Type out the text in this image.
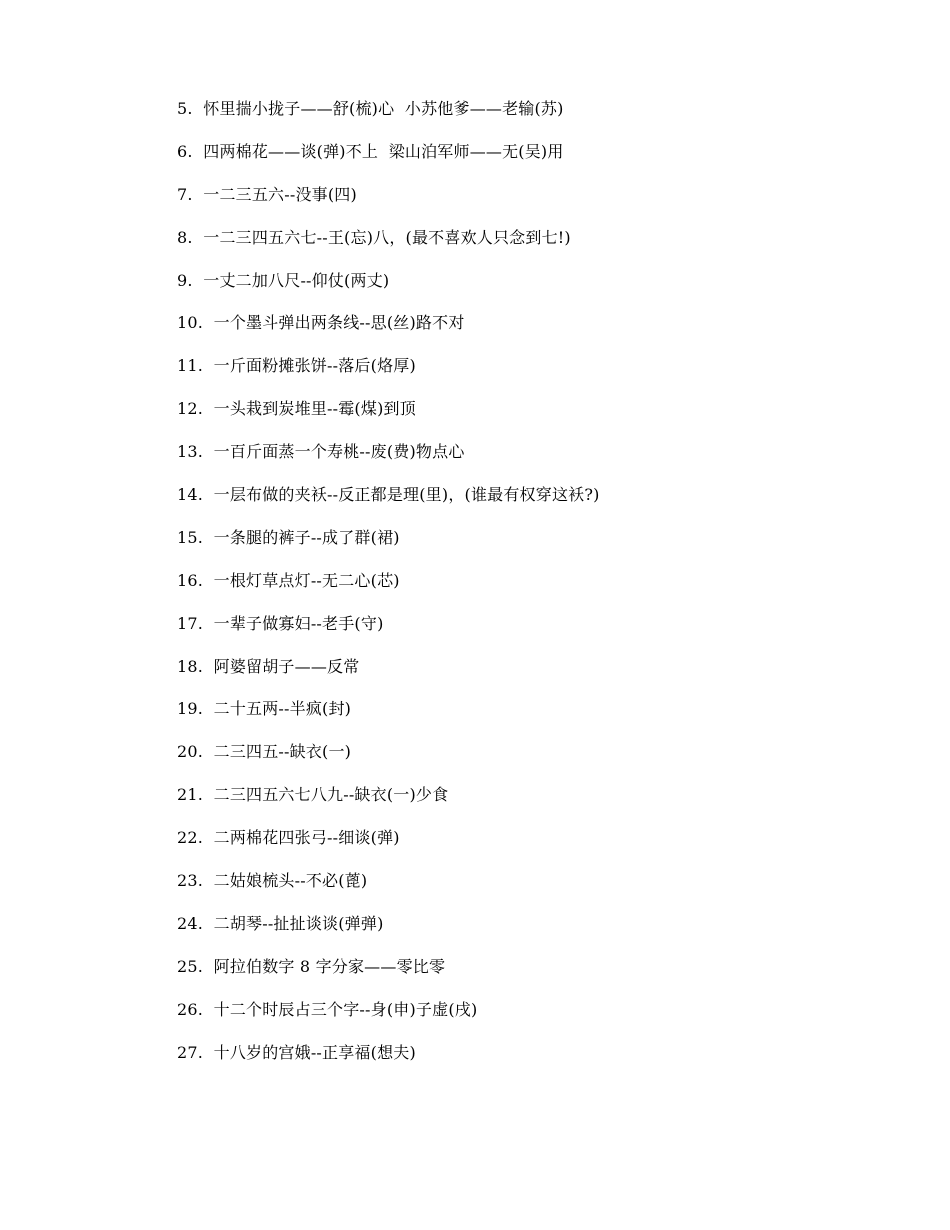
5.  怀里揣小拢子——舒(梳)心  小苏他爹——老输(苏)
6.  四两棉花——谈(弹)不上  梁山泊军师——无(吴)用
7.  一二三五六--没事(四)
8.  一二三四五六七--王(忘)八，(最不喜欢人只念到七!)
9.  一丈二加八尺--仰仗(两丈)
10.  一个墨斗弹出两条线--思(丝)路不对
11.  一斤面粉摊张饼--落后(烙厚)
12.  一头栽到炭堆里--霉(煤)到顶
13.  一百斤面蒸一个寿桃--废(费)物点心
14.  一层布做的夹袄--反正都是理(里)，(谁最有权穿这袄?)
15.  一条腿的裤子--成了群(裙)
16.  一根灯草点灯--无二心(芯)
17.  一辈子做寡妇--老手(守)
18.  阿婆留胡子——反常
19.  二十五两--半疯(封)
20.  二三四五--缺衣(一)
21.  二三四五六七八九--缺衣(一)少食
22.  二两棉花四张弓--细谈(弹)
23.  二姑娘梳头--不必(蓖)
24.  二胡琴--扯扯谈谈(弹弹)
25.  阿拉伯数字 8 字分家——零比零
26.  十二个时辰占三个字--身(申)子虚(戌)
27.  十八岁的宫娥--正享福(想夫)
